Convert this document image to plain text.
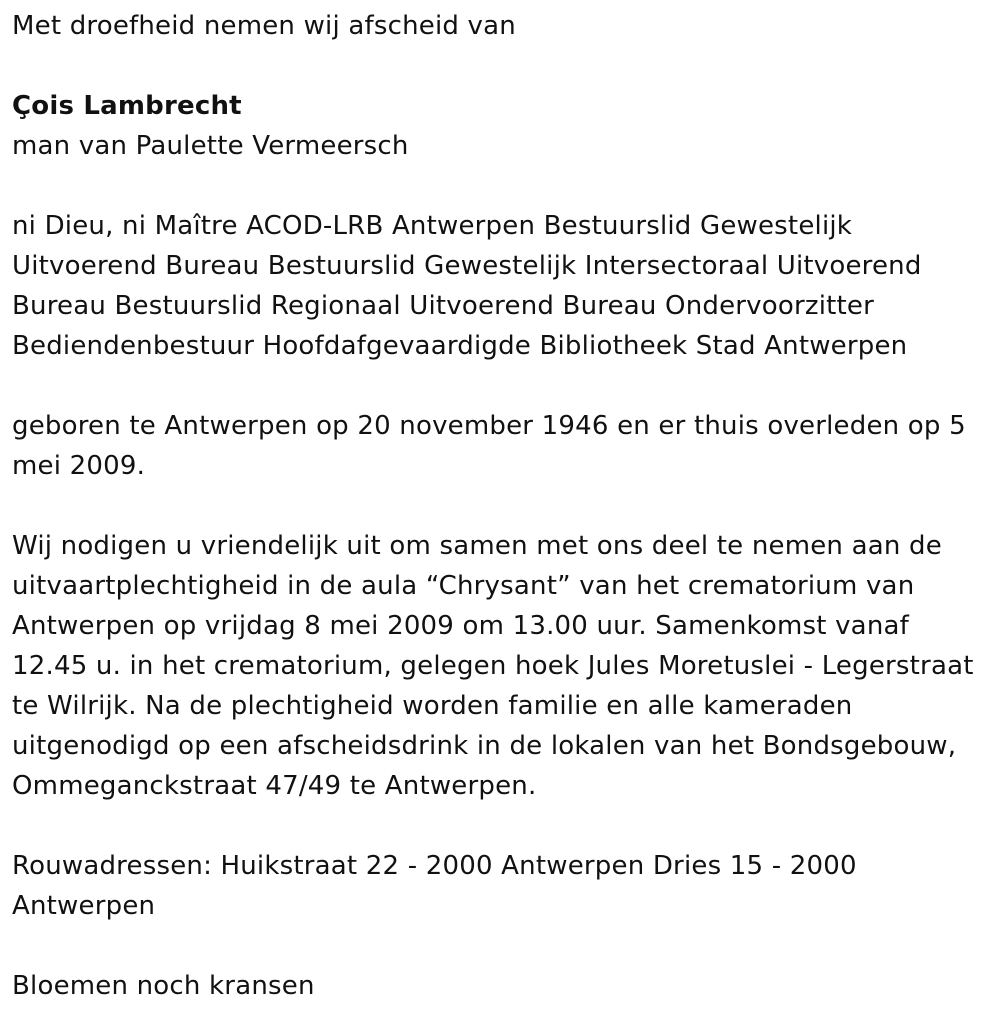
Met droefheid nemen wij afscheid van

Çois Lambrecht

man van Paulette Vermeersch

ni Dieu, ni Maître ACOD-LRB Antwerpen Bestuurslid Gewestelijk Uitvoerend Bureau Bestuurslid Gewestelijk Intersectoraal Uitvoerend Bureau Bestuurslid Regionaal Uitvoerend Bureau Ondervoorzitter Bediendenbestuur Hoofdafgevaardigde Bibliotheek Stad Antwerpen

geboren te Antwerpen op 20 november 1946 en er thuis overleden op 5 mei 2009.

Wij nodigen u vriendelijk uit om samen met ons deel te nemen aan de uitvaartplechtigheid in de aula “Chrysant” van het crematorium van Antwerpen op vrijdag 8 mei 2009 om 13.00 uur. Samenkomst vanaf 12.45 u. in het crematorium, gelegen hoek Jules Moretuslei - Legerstraat te Wilrijk. Na de plechtigheid worden familie en alle kameraden uitgenodigd op een afscheidsdrink in de lokalen van het Bondsgebouw, Ommeganckstraat 47/49 te Antwerpen.

Rouwadressen: Huikstraat 22 - 2000 Antwerpen Dries 15 - 2000 Antwerpen

Bloemen noch kransen
